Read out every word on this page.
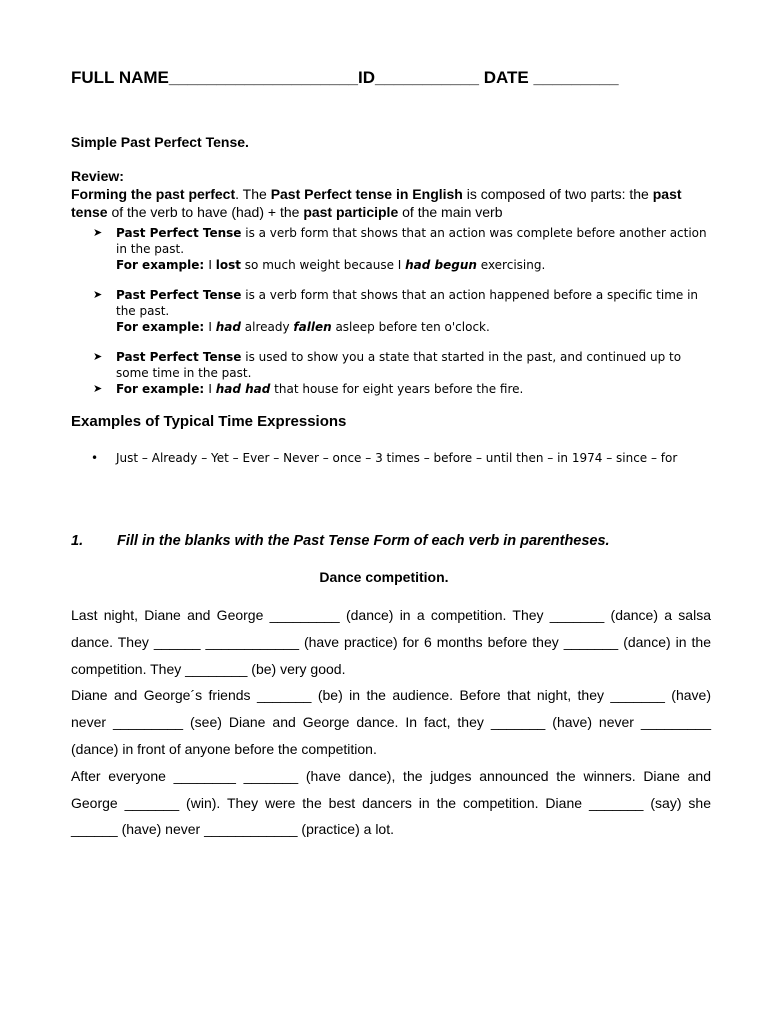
FULL NAME____________________ID___________ DATE _________
Simple Past Perfect Tense.
Review:
Forming the past perfect. The Past Perfect tense in English is composed of two parts: the past tense of the verb to have (had) + the past participle of the main verb
➤ Past Perfect Tense is a verb form that shows that an action was complete before another action in the past.
For example: I lost so much weight because I had begun exercising.
➤ Past Perfect Tense is a verb form that shows that an action happened before a specific time in the past.
For example: I had already fallen asleep before ten o'clock.
➤ Past Perfect Tense is used to show you a state that started in the past, and continued up to some time in the past.
➤ For example: I had had that house for eight years before the fire.
Examples of Typical Time Expressions
• Just – Already – Yet – Ever – Never – once – 3 times – before – until then – in 1974 – since – for
1. Fill in the blanks with the Past Tense Form of each verb in parentheses.
Dance competition.

Last night, Diane and George _________ (dance) in a competition. They _______ (dance) a salsa dance. They ______ ____________ (have practice) for 6 months before they _______ (dance) in the competition. They ________ (be) very good.

Diane and George´s friends _______ (be) in the audience. Before that night, they _______ (have) never _________ (see) Diane and George dance. In fact, they _______ (have) never _________ (dance) in front of anyone before the competition.

After everyone ________ _______ (have dance), the judges announced the winners. Diane and George _______ (win). They were the best dancers in the competition. Diane _______ (say) she ______ (have) never ____________ (practice) a lot.
